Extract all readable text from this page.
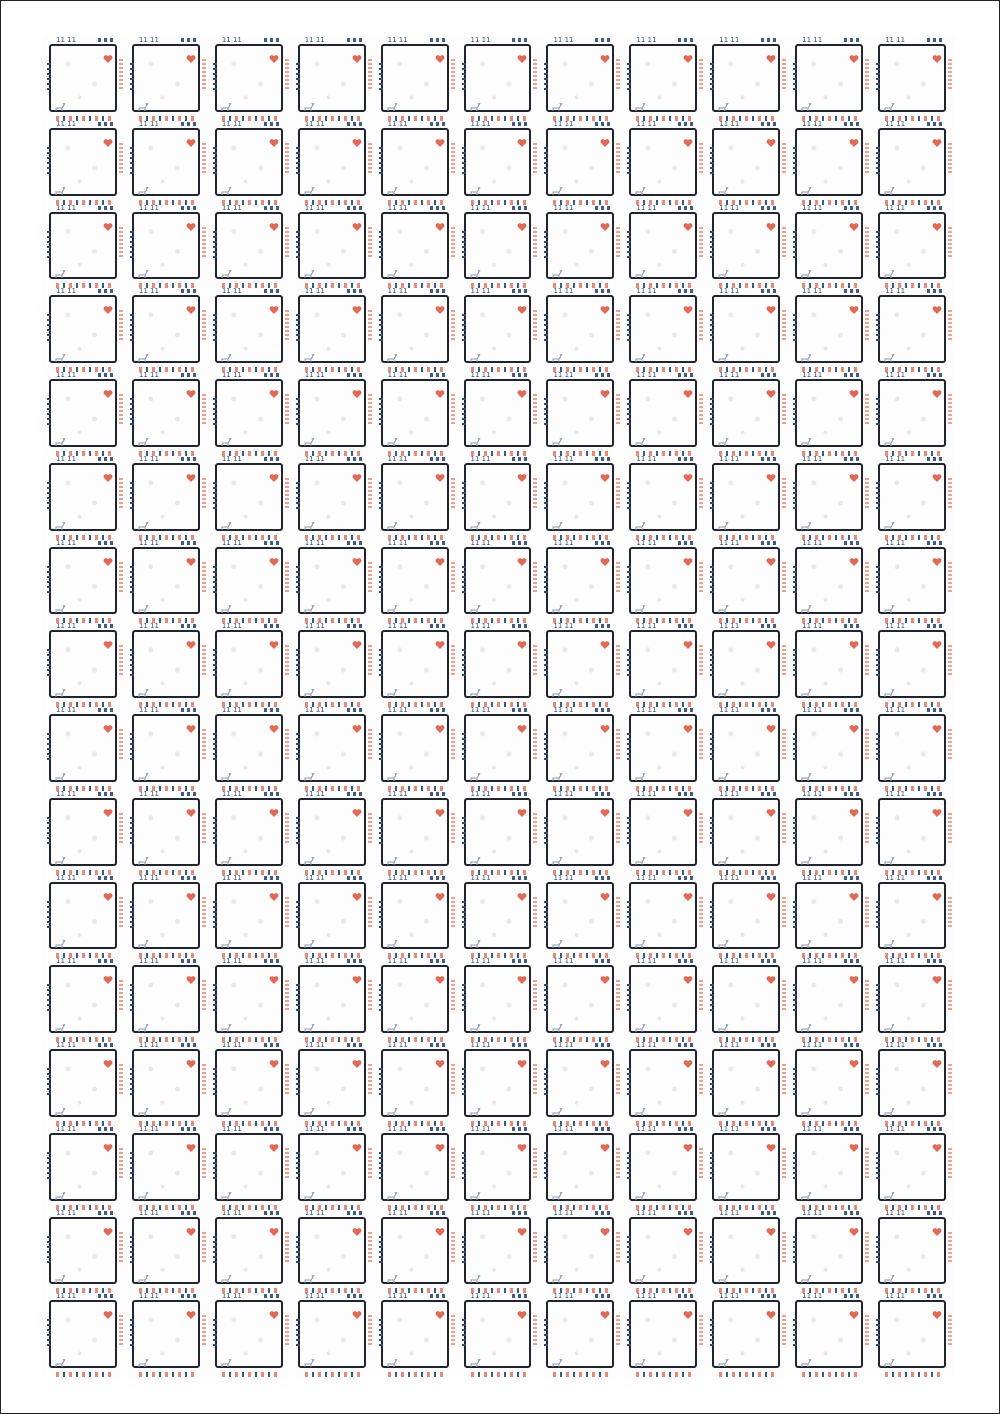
11 11	11 11	11 11	11 11	11 11	11 11	11 11	11 11	11 11	11 11	11 11
11 11	11 11	11 11	11 11	11 11	11 11	11 11	11 11	11 11	11 11	11 11
11 11	11 11	11 11	11 11	11 11	11 11	11 11	11 11	11 11	11 11	11 11
11 11	11 11	11 11	11 11	11 11	11 11	11 11	11 11	11 11	11 11	11 11
11 11	11 11	11 11	11 11	11 11	11 11	11 11	11 11	11 11	11 11	11 11
11 11	11 11	11 11	11 11	11 11	11 11	11 11	11 11	11 11	11 11	11 11
11 11	11 11	11 11	11 11	11 11	11 11	11 11	11 11	11 11	11 11	11 11
11 11	11 11	11 11	11 11	11 11	11 11	11 11	11 11	11 11	11 11	11 11
11 11	11 11	11 11	11 11	11 11	11 11	11 11	11 11	11 11	11 11	11 11
11 11	11 11	11 11	11 11	11 11	11 11	11 11	11 11	11 11	11 11	11 11
11 11	11 11	11 11	11 11	11 11	11 11	11 11	11 11	11 11	11 11	11 11
11 11	11 11	11 11	11 11	11 11	11 11	11 11	11 11	11 11	11 11	11 11
11 11	11 11	11 11	11 11	11 11	11 11	11 11	11 11	11 11	11 11	11 11
11 11	11 11	11 11	11 11	11 11	11 11	11 11	11 11	11 11	11 11	11 11
11 11	11 11	11 11	11 11	11 11	11 11	11 11	11 11	11 11	11 11	11 11
11 11	11 11	11 11	11 11	11 11	11 11	11 11	11 11	11 11	11 11	11 11
